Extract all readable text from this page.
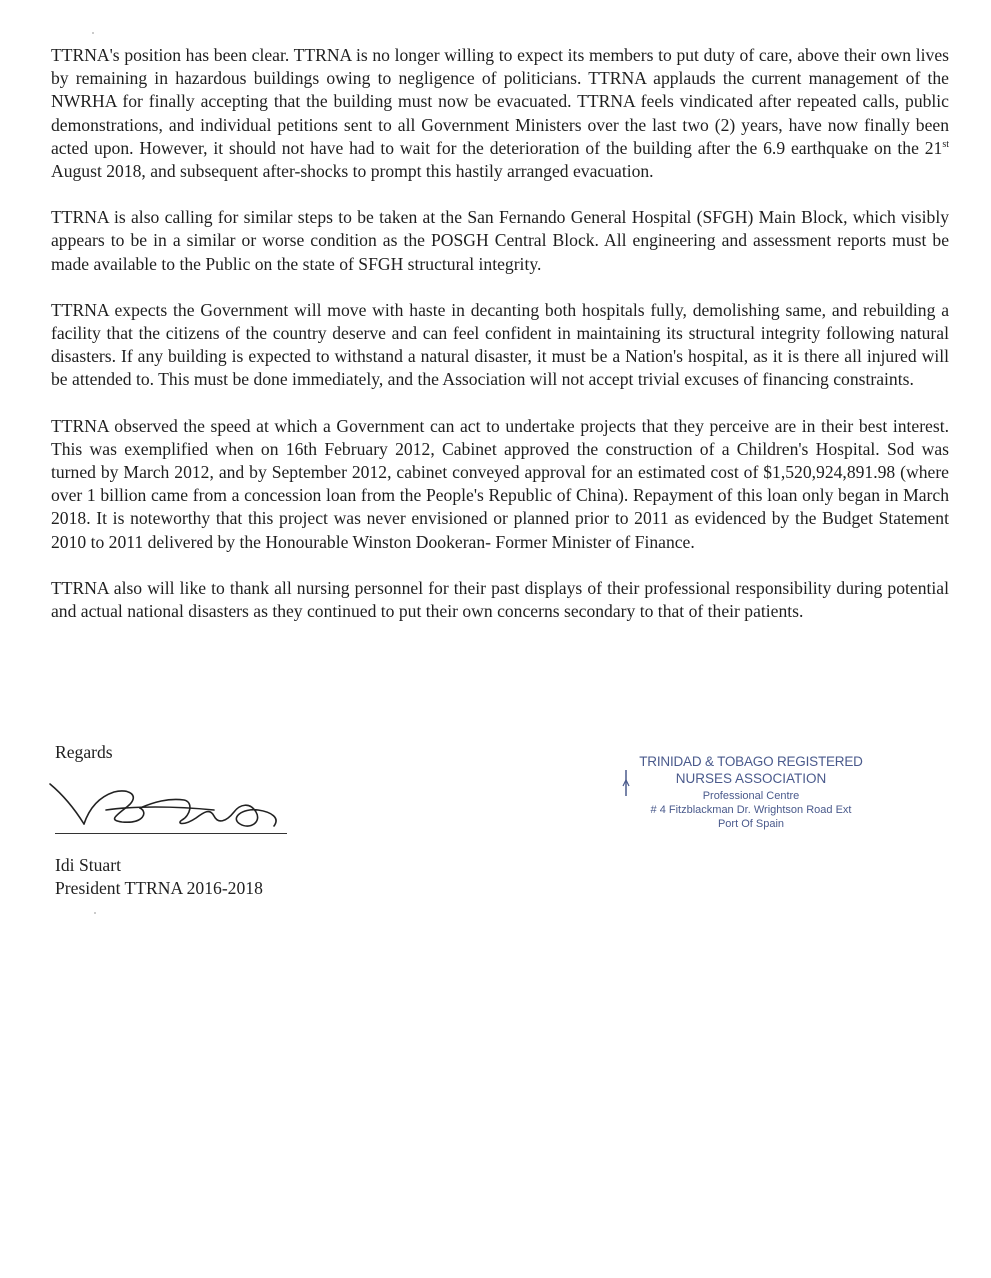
TTRNA's position has been clear. TTRNA is no longer willing to expect its members to put duty of care, above their own lives by remaining in hazardous buildings owing to negligence of politicians. TTRNA applauds the current management of the NWRHA for finally accepting that the building must now be evacuated. TTRNA feels vindicated after repeated calls, public demonstrations, and individual petitions sent to all Government Ministers over the last two (2) years, have now finally been acted upon. However, it should not have had to wait for the deterioration of the building after the 6.9 earthquake on the 21st August 2018, and subsequent after-shocks to prompt this hastily arranged evacuation.

TTRNA is also calling for similar steps to be taken at the San Fernando General Hospital (SFGH) Main Block, which visibly appears to be in a similar or worse condition as the POSGH Central Block. All engineering and assessment reports must be made available to the Public on the state of SFGH structural integrity.

TTRNA expects the Government will move with haste in decanting both hospitals fully, demolishing same, and rebuilding a facility that the citizens of the country deserve and can feel confident in maintaining its structural integrity following natural disasters. If any building is expected to withstand a natural disaster, it must be a Nation's hospital, as it is there all injured will be attended to. This must be done immediately, and the Association will not accept trivial excuses of financing constraints.

TTRNA observed the speed at which a Government can act to undertake projects that they perceive are in their best interest. This was exemplified when on 16th February 2012, Cabinet approved the construction of a Children's Hospital. Sod was turned by March 2012, and by September 2012, cabinet conveyed approval for an estimated cost of $1,520,924,891.98 (where over 1 billion came from a concession loan from the People's Republic of China). Repayment of this loan only began in March 2018. It is noteworthy that this project was never envisioned or planned prior to 2011 as evidenced by the Budget Statement 2010 to 2011 delivered by the Honourable Winston Dookeran- Former Minister of Finance.

TTRNA also will like to thank all nursing personnel for their past displays of their professional responsibility during potential and actual national disasters as they continued to put their own concerns secondary to that of their patients.

Regards
Idi Stuart
President TTRNA 2016-2018
TRINIDAD & TOBAGO REGISTERED
NURSES ASSOCIATION
Professional Centre
# 4 Fitzblackman Dr. Wrightson Road Ext
Port Of Spain
